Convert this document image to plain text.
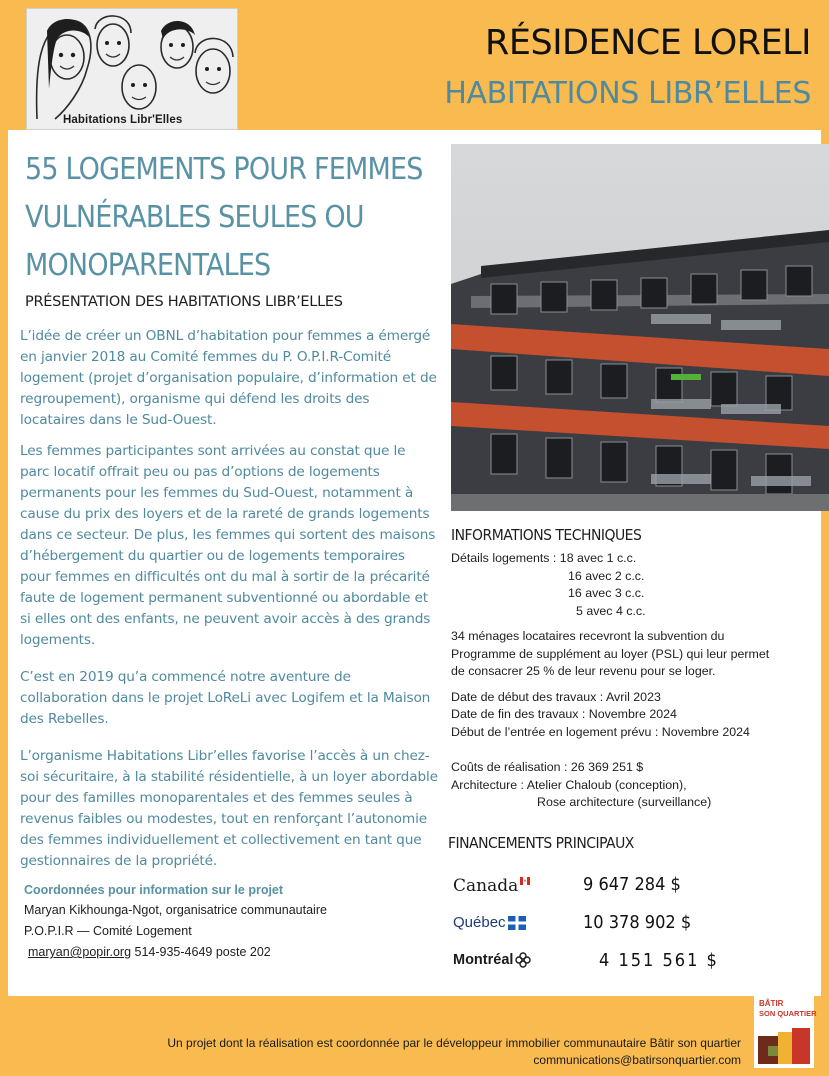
Habitations Libr'Elles
RÉSIDENCE LORELI
HABITATIONS LIBR’ELLES
55 LOGEMENTS POUR FEMMES
VULNÉRABLES SEULES OU
MONOPARENTALES
PRÉSENTATION DES HABITATIONS LIBR’ELLES

L’idée de créer un OBNL d’habitation pour femmes a émergé en janvier 2018 au Comité femmes du P. O.P.I.R-Comité logement (projet d’organisation populaire, d’information et de regroupement), organisme qui défend les droits des locataires dans le Sud-Ouest.

Les femmes participantes sont arrivées au constat que le parc locatif offrait peu ou pas d’options de logements permanents pour les femmes du Sud-Ouest, notamment à cause du prix des loyers et de la rareté de grands logements dans ce secteur. De plus, les femmes qui sortent des maisons d’hébergement du quartier ou de logements temporaires pour femmes en difficultés ont du mal à sortir de la précarité faute de logement permanent subventionné ou abordable et si elles ont des enfants, ne peuvent avoir accès à des grands logements.

C’est en 2019 qu’a commencé notre aventure de collaboration dans le projet LoReLi avec Logifem et la Maison des Rebelles.

L’organisme Habitations Libr’elles favorise l’accès à un chez-soi sécuritaire, à la stabilité résidentielle, à un loyer abordable pour des familles monoparentales et des femmes seules à revenus faibles ou modestes, tout en renforçant l’autonomie des femmes individuellement et collectivement en tant que gestionnaires de la propriété.

Coordonnées pour information sur le projet
Maryan Kikhounga-Ngot, organisatrice communautaire
P.O.P.I.R — Comité Logement
maryan@popir.org 514-935-4649 poste 202
INFORMATIONS TECHNIQUES
Détails logements : 18 avec 1 c.c.
16 avec 2 c.c.
16 avec 3 c.c.
5 avec 4 c.c.
34 ménages locataires recevront la subvention du
Programme de supplément au loyer (PSL) qui leur permet
de consacrer 25 % de leur revenu pour se loger.
Date de début des travaux : Avril 2023
Date de fin des travaux : Novembre 2024
Début de l’entrée en logement prévu : Novembre 2024
Coûts de réalisation : 26 369 251 $
Architecture : Atelier Chaloub (conception),
Rose architecture (surveillance)
FINANCEMENTS PRINCIPAUX
Canada	9 647 284 $
Québec	10 378 902 $
Montréal	4 151 561 $
Un projet dont la réalisation est coordonnée par le développeur immobilier communautaire Bâtir son quartier
communications@batirsonquartier.com
BÂTIR
SON QUARTIER
